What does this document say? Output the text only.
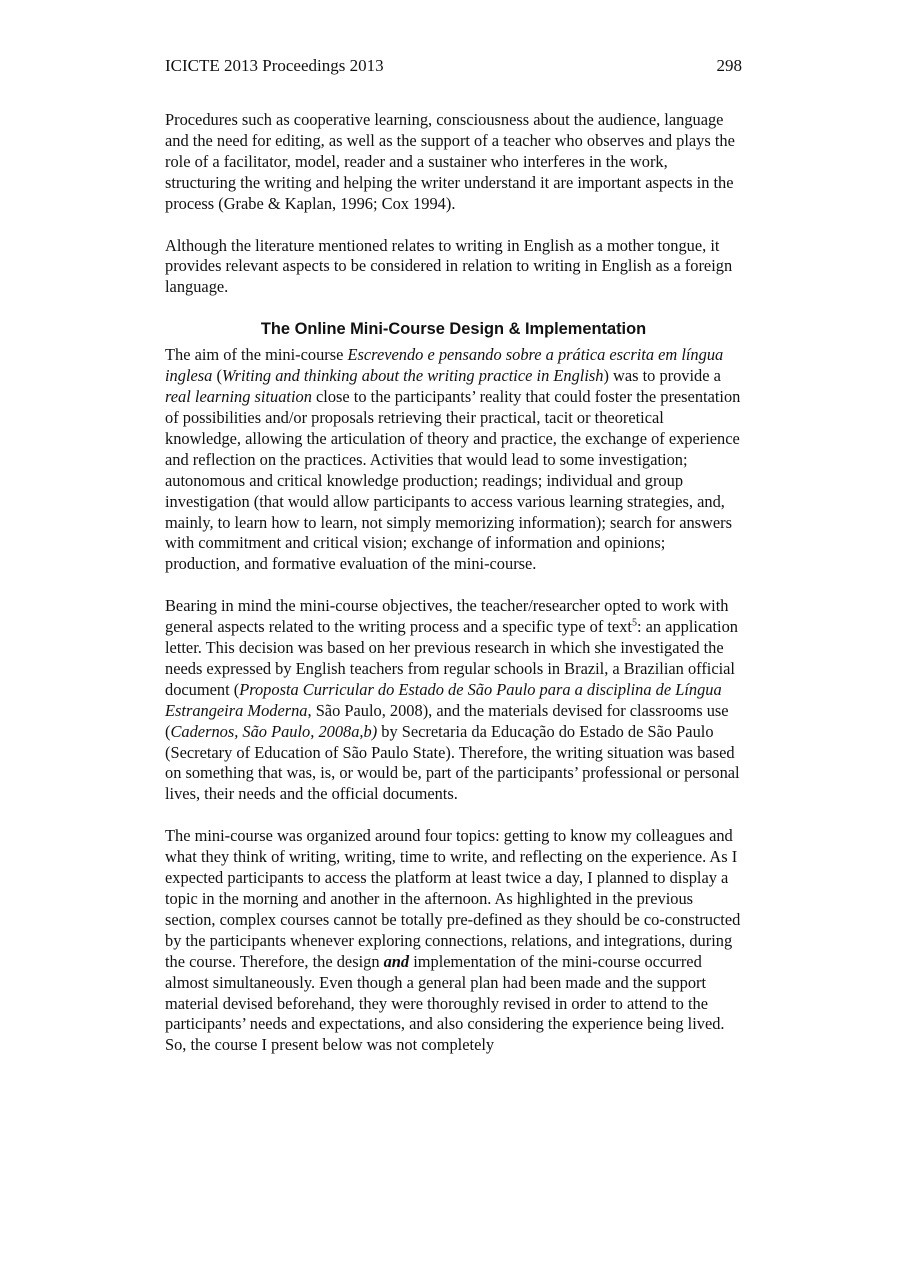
ICICTE 2013 Proceedings 2013	298

Procedures such as cooperative learning, consciousness about the audience, language and the need for editing, as well as the support of a teacher who observes and plays the role of a facilitator, model, reader and a sustainer who interferes in the work, structuring the writing and helping the writer understand it are important aspects in the process (Grabe & Kaplan, 1996; Cox 1994).

Although the literature mentioned relates to writing in English as a mother tongue, it provides relevant aspects to be considered in relation to writing in English as a foreign language.

The Online Mini-Course Design & Implementation

The aim of the mini-course Escrevendo e pensando sobre a prática escrita em língua inglesa (Writing and thinking about the writing practice in English) was to provide a real learning situation close to the participants’ reality that could foster the presentation of possibilities and/or proposals retrieving their practical, tacit or theoretical knowledge, allowing the articulation of theory and practice, the exchange of experience and reflection on the practices. Activities that would lead to some investigation; autonomous and critical knowledge production; readings; individual and group investigation (that would allow participants to access various learning strategies, and, mainly, to learn how to learn, not simply memorizing information); search for answers with commitment and critical vision; exchange of information and opinions; production, and formative evaluation of the mini-course.

Bearing in mind the mini-course objectives, the teacher/researcher opted to work with general aspects related to the writing process and a specific type of text$^5$: an application letter. This decision was based on her previous research in which she investigated the needs expressed by English teachers from regular schools in Brazil, a Brazilian official document (Proposta Curricular do Estado de São Paulo para a disciplina de Língua Estrangeira Moderna, São Paulo, 2008), and the materials devised for classrooms use (Cadernos, São Paulo, 2008a,b) by Secretaria da Educação do Estado de São Paulo (Secretary of Education of São Paulo State). Therefore, the writing situation was based on something that was, is, or would be, part of the participants’ professional or personal lives, their needs and the official documents.

The mini-course was organized around four topics: getting to know my colleagues and what they think of writing, writing, time to write, and reflecting on the experience. As I expected participants to access the platform at least twice a day, I planned to display a topic in the morning and another in the afternoon. As highlighted in the previous section, complex courses cannot be totally pre-defined as they should be co-constructed by the participants whenever exploring connections, relations, and integrations, during the course. Therefore, the design and implementation of the mini-course occurred almost simultaneously. Even though a general plan had been made and the support material devised beforehand, they were thoroughly revised in order to attend to the participants’ needs and expectations, and also considering the experience being lived. So, the course I present below was not completely
